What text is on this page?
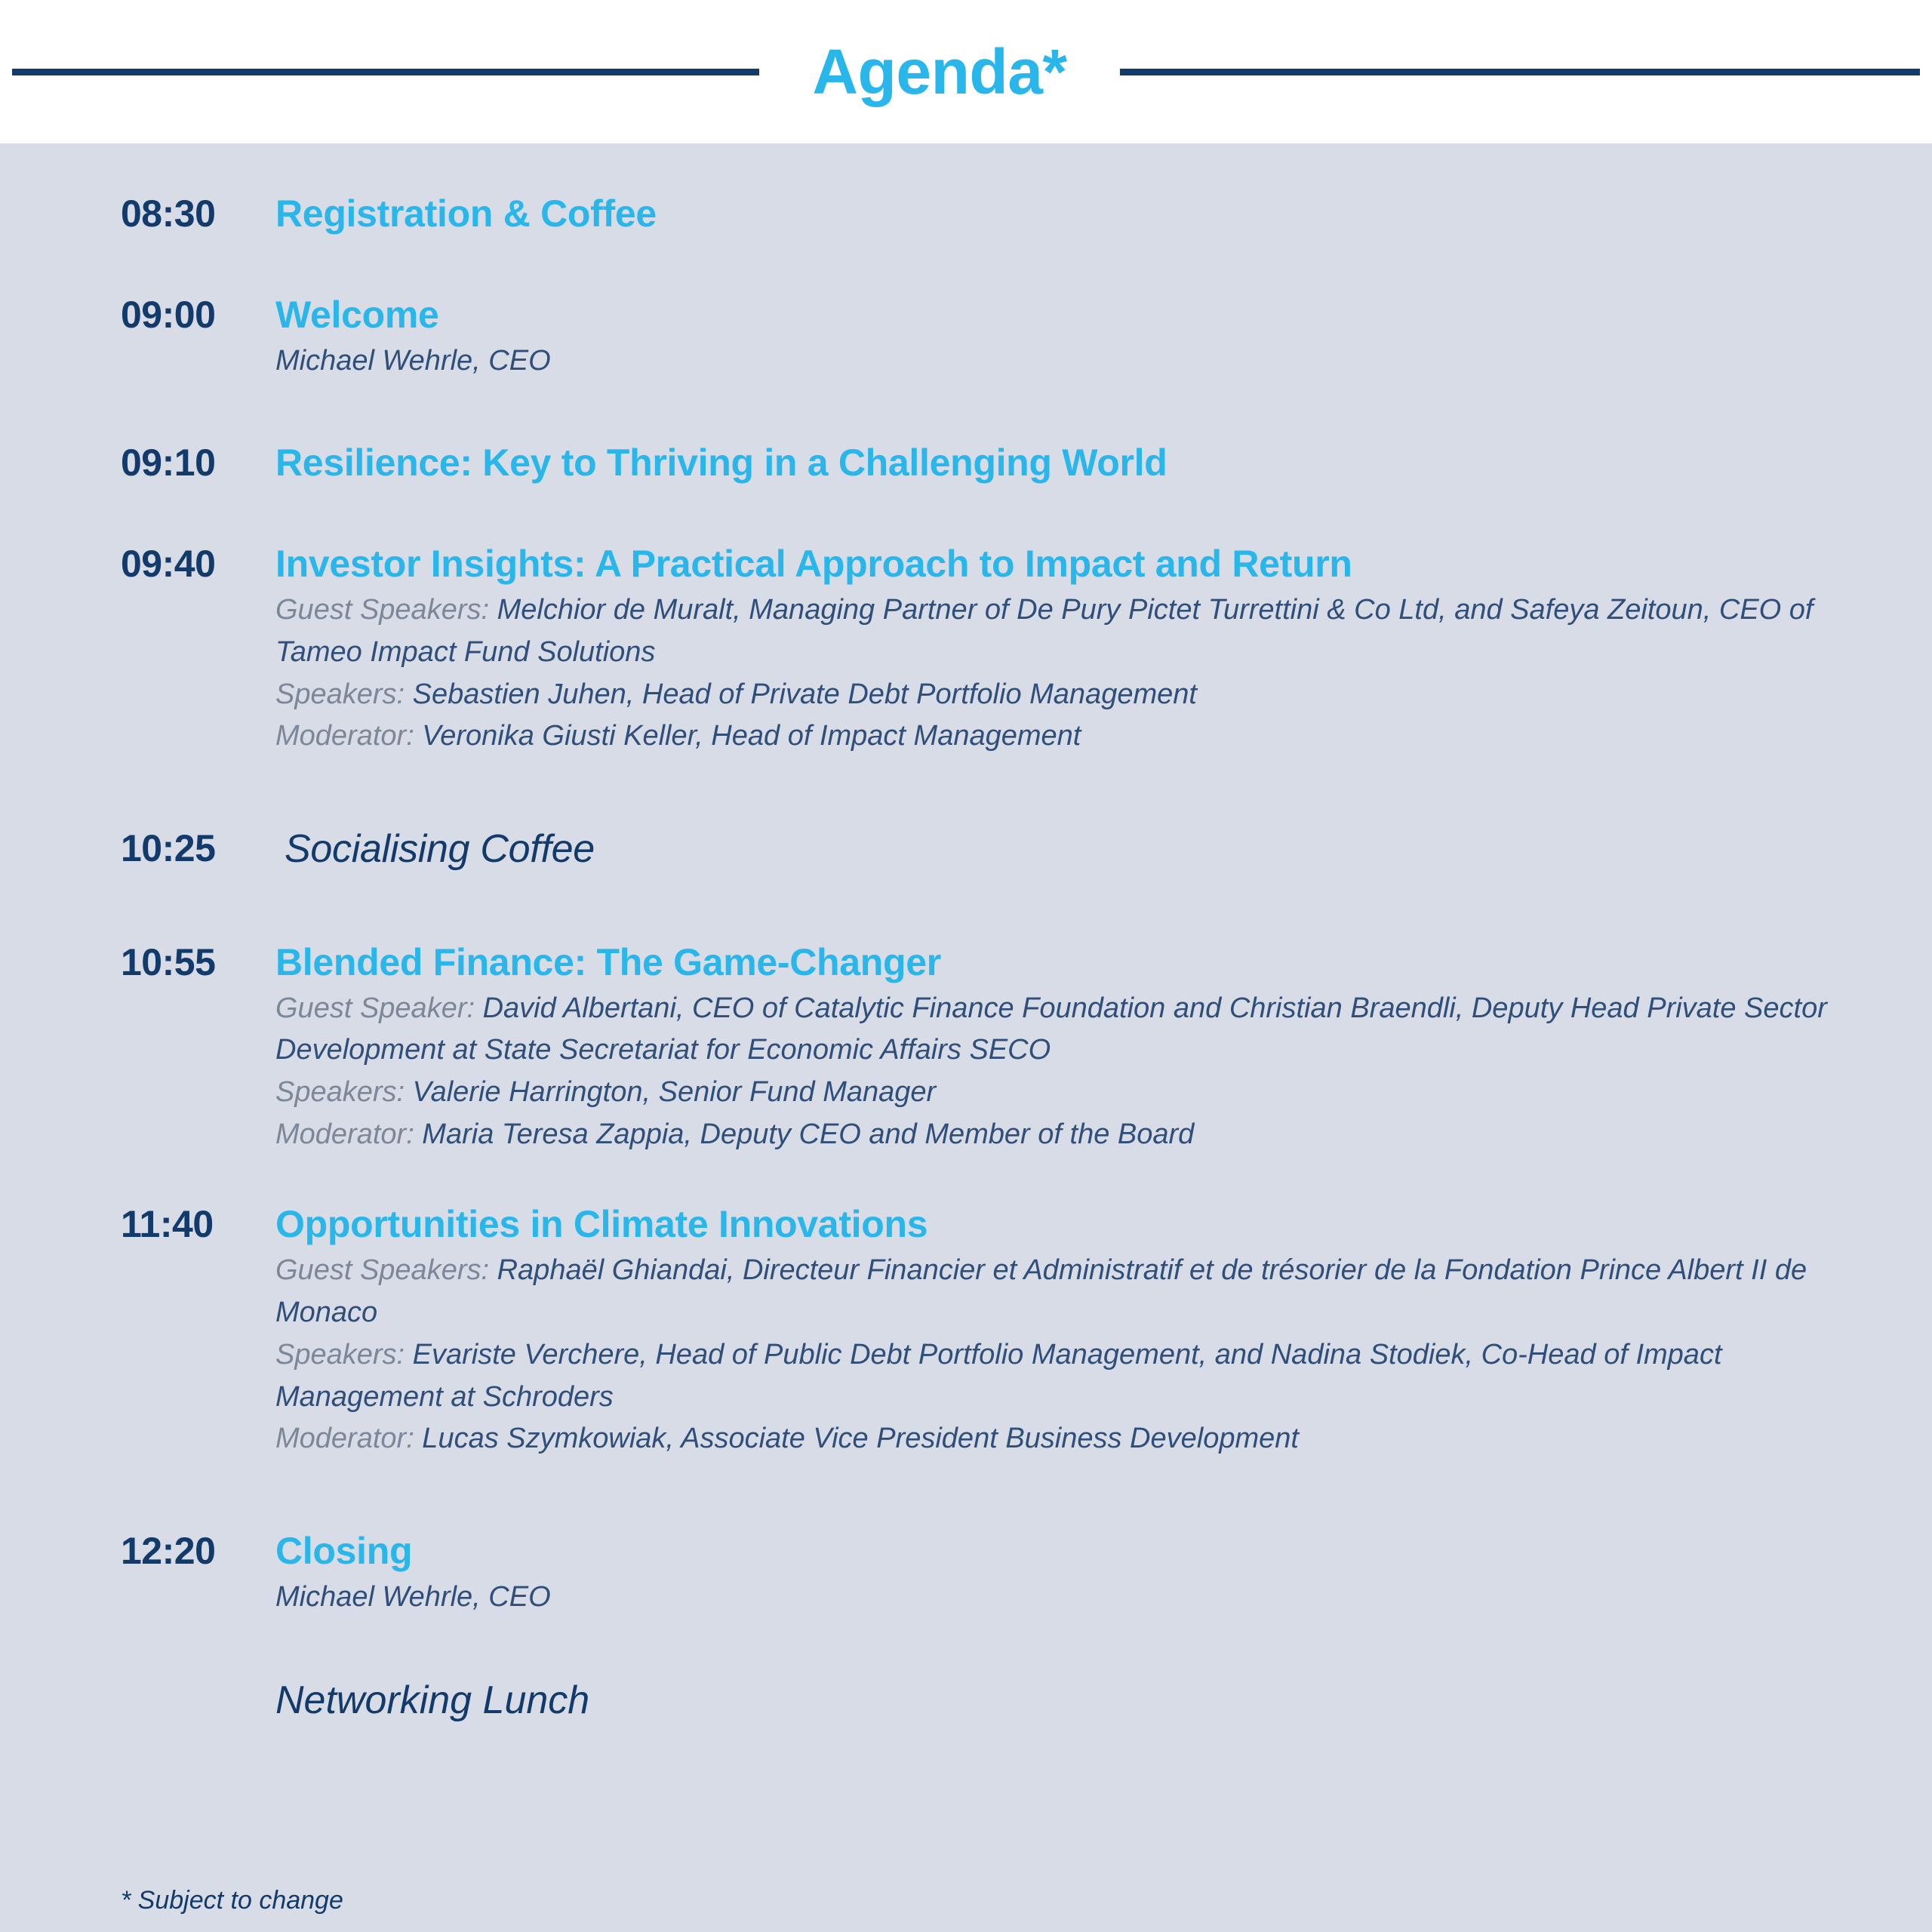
Agenda*
08:30	Registration & Coffee
09:00	Welcome
Michael Wehrle, CEO
09:10	Resilience: Key to Thriving in a Challenging World
09:40	Investor Insights: A Practical Approach to Impact and Return
Guest Speakers: Melchior de Muralt, Managing Partner of De Pury Pictet Turrettini & Co Ltd, and Safeya Zeitoun, CEO of Tameo Impact Fund Solutions
Speakers: Sebastien Juhen, Head of Private Debt Portfolio Management
Moderator: Veronika Giusti Keller, Head of Impact Management
10:25	Socialising Coffee
10:55	Blended Finance: The Game-Changer
Guest Speaker: David Albertani, CEO of Catalytic Finance Foundation and Christian Braendli, Deputy Head Private Sector Development at State Secretariat for Economic Affairs SECO
Speakers: Valerie Harrington, Senior Fund Manager
Moderator: Maria Teresa Zappia, Deputy CEO and Member of the Board
11:40	Opportunities in Climate Innovations
Guest Speakers: Raphaël Ghiandai, Directeur Financier et Administratif et de trésorier de la Fondation Prince Albert II de Monaco
Speakers: Evariste Verchere, Head of Public Debt Portfolio Management, and Nadina Stodiek, Co-Head of Impact Management at Schroders
Moderator: Lucas Szymkowiak, Associate Vice President Business Development
12:20	Closing
Michael Wehrle, CEO
Networking Lunch
* Subject to change
